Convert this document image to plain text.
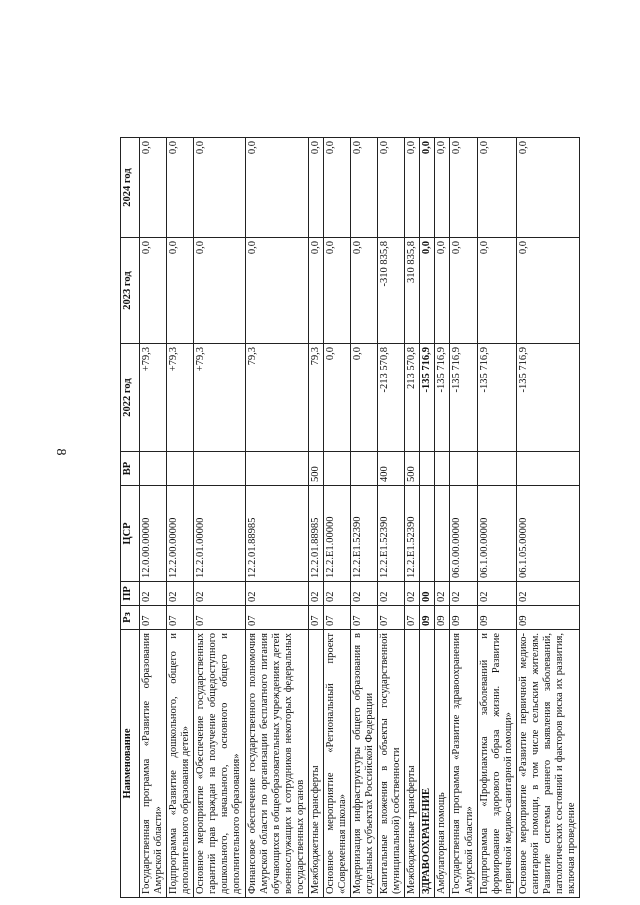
8
Наименование	Рз	ПР	ЦСР	ВР	2022 год	2023 год	2024 год
Государственная программа «Развитие образования Амурской области»	07	02	12.0.00.00000		+79,3	0,0	0,0
Подпрограмма «Развитие дошкольного, общего и дополнительного образования детей»	07	02	12.2.00.00000		+79,3	0,0	0,0
Основное мероприятие «Обеспечение государственных гарантий прав граждан на получение общедоступного дошкольного, начального, основного общего и дополнительного образования»	07	02	12.2.01.00000		+79,3	0,0	0,0
Финансовое обеспечение государственного полномочия Амурской области по организации бесплатного питания обучающихся в общеобразовательных учреждениях детей военнослужащих и сотрудников некоторых федеральных государственных органов	07	02	12.2.01.88985		79,3	0,0	0,0
Межбюджетные трансферты	07	02	12.2.01.88985	500	79,3	0,0	0,0
Основное мероприятие «Региональный проект «Современная школа»	07	02	12.2.Е1.00000		0,0	0,0	0,0
Модернизация инфраструктуры общего образования в отдельных субъектах Российской Федерации	07	02	12.2.Е1.52390		0,0	0,0	0,0
Капитальные вложения в объекты государственной (муниципальной) собственности	07	02	12.2.Е1.52390	400	-213 570,8	-310 835,8	0,0
Межбюджетные трансферты	07	02	12.2.Е1.52390	500	213 570,8	310 835,8	0,0
ЗДРАВООХРАНЕНИЕ	09	00			-135 716,9	0,0	0,0
Амбулаторная помощь	09	02			-135 716,9	0,0	0,0
Государственная программа «Развитие здравоохранения Амурской области»	09	02	06.0.00.00000		-135 716,9	0,0	0,0
Подпрограмма «Профилактика заболеваний и формирование здорового образа жизни. Развитие первичной медико-санитарной помощи»	09	02	06.1.00.00000		-135 716,9	0,0	0,0
Основное мероприятие «Развитие первичной медико-санитарной помощи, в том числе сельским жителям. Развитие системы раннего выявления заболеваний, патологических состояний и факторов риска их развития, включая проведение	09	02	06.1.05.00000		-135 716,9	0,0	0,0
